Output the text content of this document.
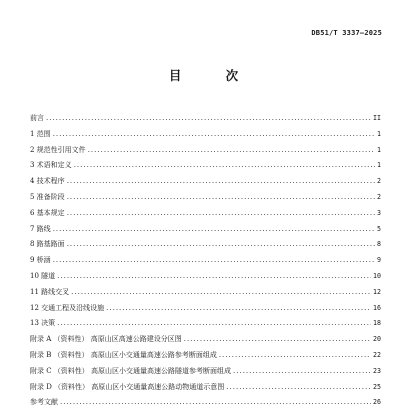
DB51/T 3337—2025
目 次
前言 .....	II
1 范围 .....	1
2 规范性引用文件 .....	1
3 术语和定义 .....	1
4 技术程序 .....	2
5 准备阶段 .....	2
6 基本规定 .....	3
7 路线 .....	5
8 路基路面 .....	8
9 桥涵 .....	9
10 隧道 .....	10
11 路线交叉 .....	12
12 交通工程及沿线设施 .....	16
13 决策 .....	18
附录 A （资料性） 高原山区高速公路建设分区图 .....	20
附录 B （资料性） 高原山区小交通量高速公路参考断面组成 .....	22
附录 C （资料性） 高原山区小交通量高速公路隧道参考断面组成 .....	23
附录 D （资料性） 高原山区小交通量高速公路动物通道示意图 .....	25
参考文献 .....	26
